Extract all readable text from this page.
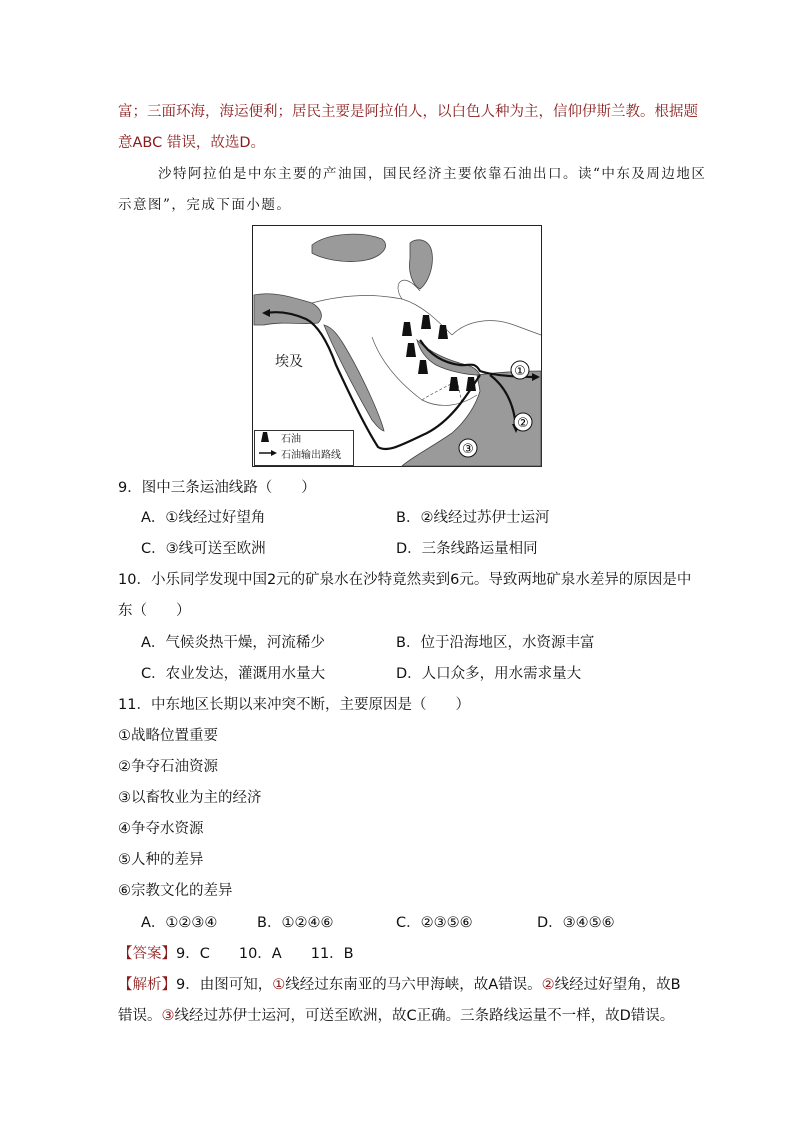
富；三面环海，海运便利；居民主要是阿拉伯人，以白色人种为主，信仰伊斯兰教。根据题
意ABC 错误，故选D。
沙特阿拉伯是中东主要的产油国，国民经济主要依靠石油出口。读“中东及周边地区
示意图”，完成下面小题。
①
②
③
埃及
石油
石油输出路线
9．图中三条运油线路（　　）
A．①线经过好望角	B．②线经过苏伊士运河
C．③线可送至欧洲	D．三条线路运量相同
10．小乐同学发现中国2元的矿泉水在沙特竟然卖到6元。导致两地矿泉水差异的原因是中
东（　　）
A．气候炎热干燥，河流稀少	B．位于沿海地区，水资源丰富
C．农业发达，灌溉用水量大	D．人口众多，用水需求量大
11．中东地区长期以来冲突不断，主要原因是（　　）
①战略位置重要
②争夺石油资源
③以畜牧业为主的经济
④争夺水资源
⑤人种的差异
⑥宗教文化的差异
A．①②③④	B．①②④⑥	C．②③⑤⑥	D．③④⑤⑥
【答案】9．C　　10．A　　11．B
【解析】9．由图可知，①线经过东南亚的马六甲海峡，故A错误。②线经过好望角，故B
错误。③线经过苏伊士运河，可送至欧洲，故C正确。三条路线运量不一样，故D错误。
